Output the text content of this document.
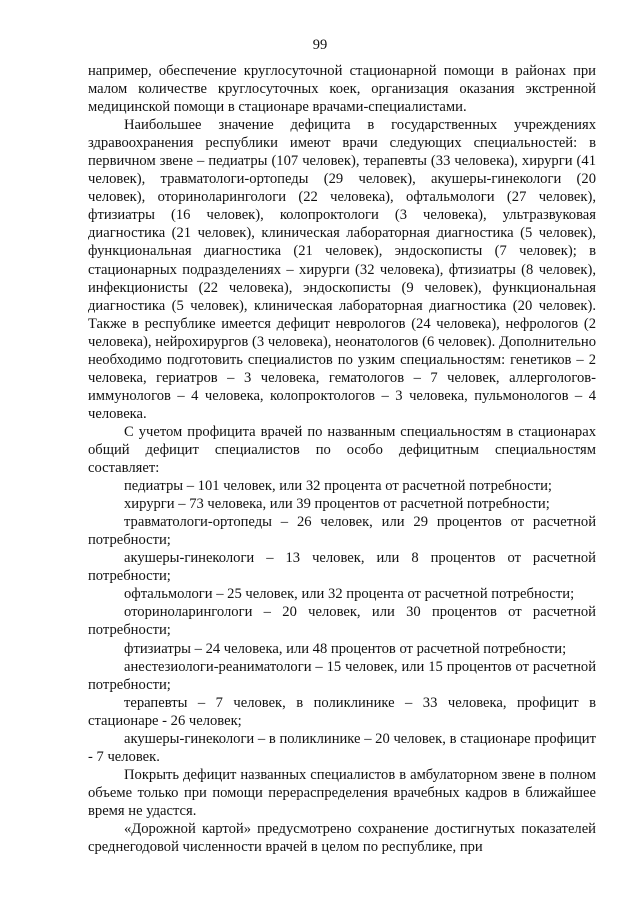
99

например, обеспечение круглосуточной стационарной помощи в районах при малом количестве круглосуточных коек, организация оказания экстренной медицинской помощи в стационаре врачами-специалистами.

Наибольшее значение дефицита в государственных учреждениях здравоохранения республики имеют врачи следующих специальностей: в первичном звене – педиатры (107 человек), терапевты (33 человека), хирурги (41 человек), травматологи-ортопеды (29 человек), акушеры-гинекологи (20 человек), оториноларингологи (22 человека), офтальмологи (27 человек), фтизиатры (16 человек), колопроктологи (3 человека), ультразвуковая диагностика (21 человек), клиническая лабораторная диагностика (5 человек), функциональная диагностика (21 человек), эндоскописты (7 человек); в стационарных подразделениях – хирурги (32 человека), фтизиатры (8 человек), инфекционисты (22 человека), эндоскописты (9 человек), функциональная диагностика (5 человек), клиническая лабораторная диагностика (20 человек). Также в республике имеется дефицит неврологов (24 человека), нефрологов (2 человека), нейрохирургов (3 человека), неонатологов (6 человек). Дополнительно необходимо подготовить специалистов по узким специальностям: генетиков – 2 человека, гериатров – 3 человека, гематологов – 7 человек, аллергологов-иммунологов – 4 человека, колопроктологов – 3 человека, пульмонологов – 4 человека.

С учетом профицита врачей по названным специальностям в стационарах общий дефицит специалистов по особо дефицитным специальностям составляет:

педиатры – 101 человек, или 32 процента от расчетной потребности;

хирурги – 73 человека, или 39 процентов от расчетной потребности;

травматологи-ортопеды – 26 человек, или 29 процентов от расчетной потребности;

акушеры-гинекологи – 13 человек, или 8 процентов от расчетной потребности;

офтальмологи – 25 человек, или 32 процента от расчетной потребности;

оториноларингологи – 20 человек, или 30 процентов от расчетной потребности;

фтизиатры – 24 человека, или 48 процентов от расчетной потребности;

анестезиологи-реаниматологи – 15 человек, или 15 процентов от расчетной потребности;

терапевты – 7 человек, в поликлинике – 33 человека, профицит в стационаре - 26 человек;

акушеры-гинекологи – в поликлинике – 20 человек, в стационаре профицит - 7 человек.

Покрыть дефицит названных специалистов в амбулаторном звене в полном объеме только при помощи перераспределения врачебных кадров в ближайшее время не удастся.

«Дорожной картой» предусмотрено сохранение достигнутых показателей среднегодовой численности врачей в целом по республике, при
